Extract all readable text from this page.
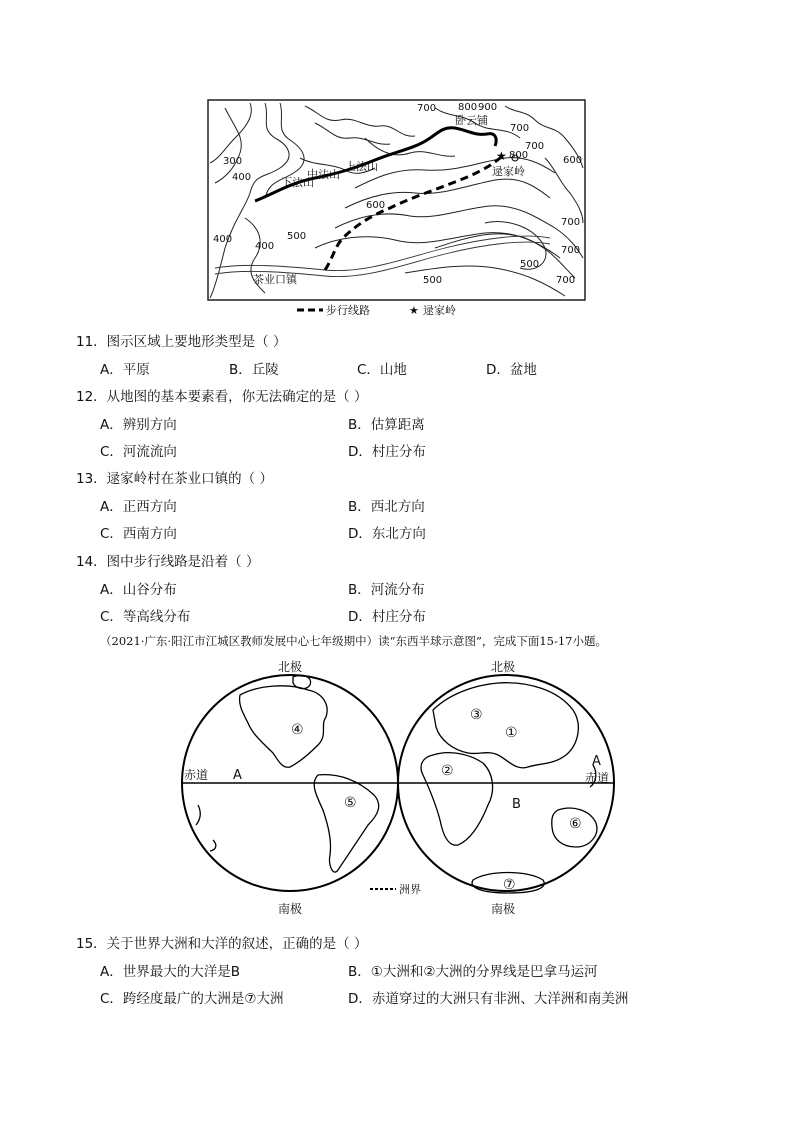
★
700 800 900
700
700
800	600
700
300
400
600
400	500
500
400	700
500
700
卧云铺
上法山
中法山
下法山
逯家岭
茶业口镇
步行线路	★ 逯家岭
11．图示区域上要地形类型是（ ）
A．平原	B．丘陵	C．山地	D．盆地
12．从地图的基本要素看，你无法确定的是（ ）
A．辨别方向	B．估算距离
C．河流流向	D．村庄分布
13．逯家岭村在茶业口镇的（ ）
A．正西方向	B．西北方向
C．西南方向	D．东北方向
14．图中步行线路是沿着（ ）
A．山谷分布	B．河流分布
C．等高线分布	D．村庄分布
（2021·广东·阳江市江城区教师发展中心七年级期中）读“东西半球示意图”，完成下面15-17小题。
北极	北极
赤道	赤道
A
A
B
①
②
③
④
⑤
⑥
⑦
洲界
南极	南极
15．关于世界大洲和大洋的叙述，正确的是（ ）
A．世界最大的大洋是B	B．①大洲和②大洲的分界线是巴拿马运河
C．跨经度最广的大洲是⑦大洲	D．赤道穿过的大洲只有非洲、大洋洲和南美洲
